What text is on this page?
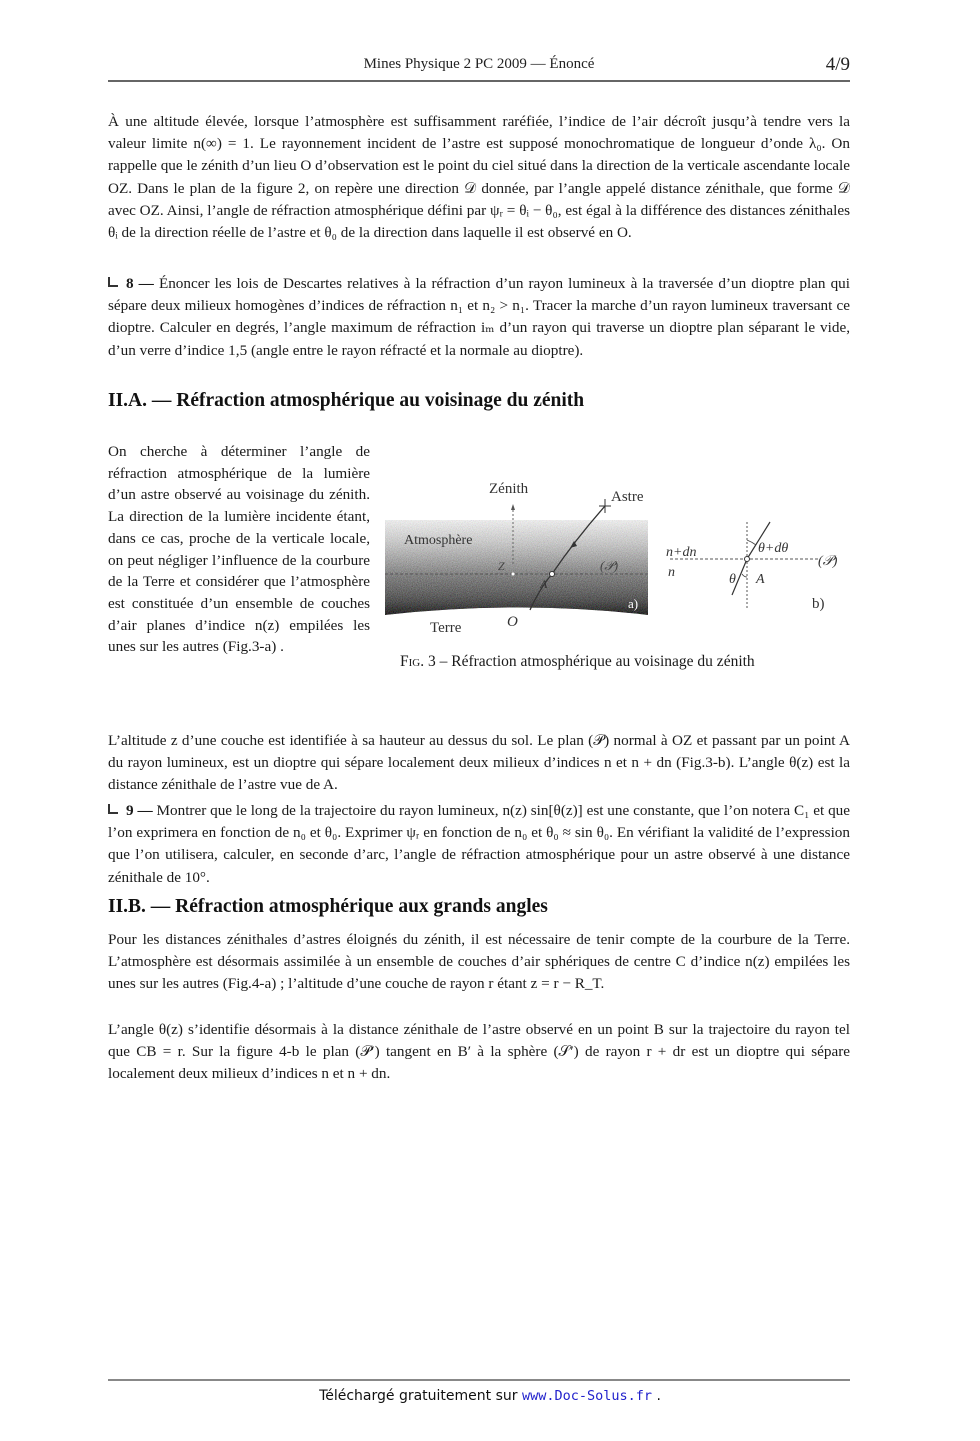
Mines Physique 2 PC 2009 — Énoncé	4/9

À une altitude élevée, lorsque l’atmosphère est suffisamment raréfiée, l’indice de l’air décroît jusqu’à tendre vers la valeur limite n(∞) = 1. Le rayonnement incident de l’astre est supposé monochromatique de longueur d’onde λ₀. On rappelle que le zénith d’un lieu O d’observation est le point du ciel situé dans la direction de la verticale ascendante locale OZ. Dans le plan de la figure 2, on repère une direction 𝒟 donnée, par l’angle appelé distance zénithale, que forme 𝒟 avec OZ. Ainsi, l’angle de réfraction atmosphérique défini par ψᵣ = θᵢ − θ₀, est égal à la différence des distances zénithales θᵢ de la direction réelle de l’astre et θ₀ de la direction dans laquelle il est observé en O.

8 — Énoncer les lois de Descartes relatives à la réfraction d’un rayon lumineux à la traversée d’un dioptre plan qui sépare deux milieux homogènes d’indices de réfraction n₁ et n₂ > n₁. Tracer la marche d’un rayon lumineux traversant ce dioptre. Calculer en degrés, l’angle maximum de réfraction iₘ d’un rayon qui traverse un dioptre plan séparant le vide, d’un verre d’indice 1,5 (angle entre le rayon réfracté et la normale au dioptre).

II.A. — Réfraction atmosphérique au voisinage du zénith
On cherche à déterminer l’angle de réfraction atmosphérique de la lumière d’un astre observé au voisinage du zénith. La direction de la lumière incidente étant, dans ce cas, proche de la verticale locale, on peut négliger l’influence de la courbure de la Terre et considérer que l’atmosphère est constituée d’un ensemble de couches d’air planes d’indice n(z) empilées les unes sur les autres (Fig.3-a) .
Zénith	Astre
Atmosphère
Z
A
(𝒫)
a)
Terre	O
n+dn
n
θ+dθ
θ A
(𝒫)
b)
Fig. 3 – Réfraction atmosphérique au voisinage du zénith

L’altitude z d’une couche est identifiée à sa hauteur au dessus du sol. Le plan (𝒫) normal à OZ et passant par un point A du rayon lumineux, est un dioptre qui sépare localement deux milieux d’indices n et n + dn (Fig.3-b). L’angle θ(z) est la distance zénithale de l’astre vue de A.

9 — Montrer que le long de la trajectoire du rayon lumineux, n(z) sin[θ(z)] est une constante, que l’on notera C₁ et que l’on exprimera en fonction de n₀ et θ₀. Exprimer ψᵣ en fonction de n₀ et θ₀ ≈ sin θ₀. En vérifiant la validité de l’expression que l’on utilisera, calculer, en seconde d’arc, l’angle de réfraction atmosphérique pour un astre observé à une distance zénithale de 10°.

II.B. — Réfraction atmosphérique aux grands angles

Pour les distances zénithales d’astres éloignés du zénith, il est nécessaire de tenir compte de la courbure de la Terre. L’atmosphère est désormais assimilée à un ensemble de couches d’air sphériques de centre C d’indice n(z) empilées les unes sur les autres (Fig.4-a) ; l’altitude d’une couche de rayon r étant z = r − R_T.

L’angle θ(z) s’identifie désormais à la distance zénithale de l’astre observé en un point B sur la trajectoire du rayon tel que CB = r. Sur la figure 4-b le plan (𝒫′) tangent en B′ à la sphère (𝒮′) de rayon r + dr est un dioptre qui sépare localement deux milieux d’indices n et n + dn.

Téléchargé gratuitement sur www.Doc-Solus.fr .
